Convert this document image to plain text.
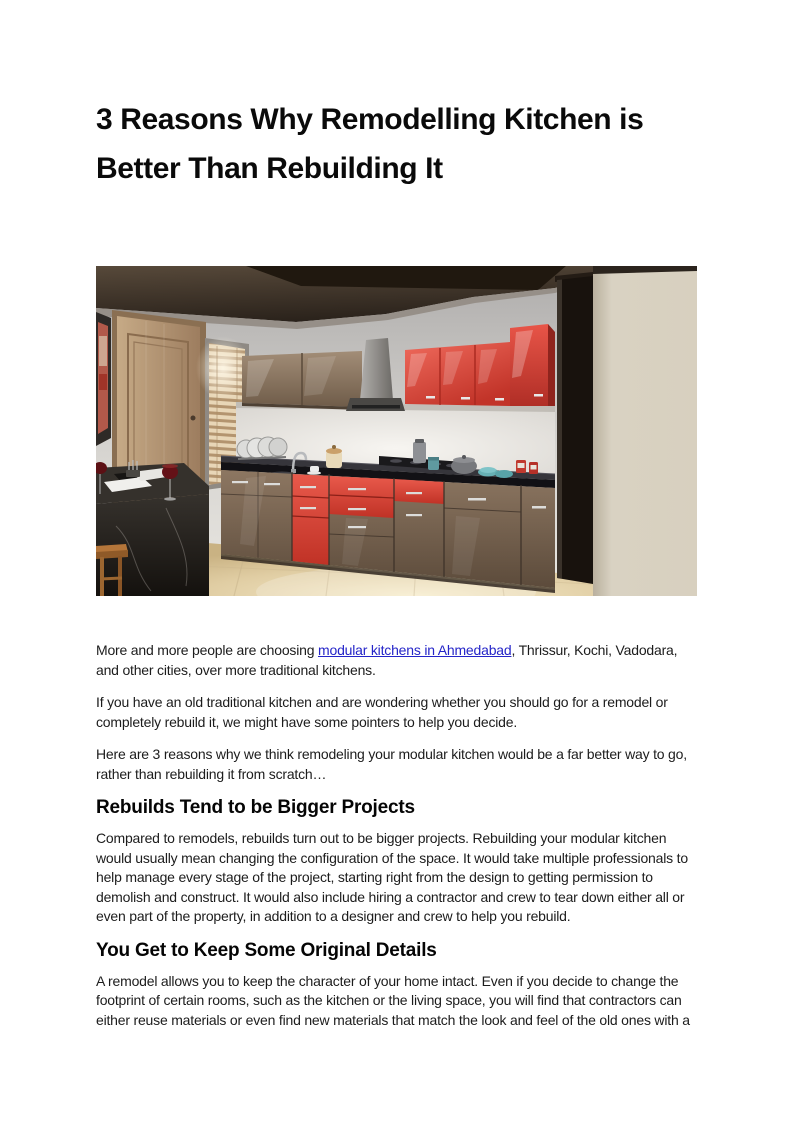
3 Reasons Why Remodelling Kitchen is Better Than Rebuilding It

More and more people are choosing modular kitchens in Ahmedabad, Thrissur, Kochi, Vadodara, and other cities, over more traditional kitchens.

If you have an old traditional kitchen and are wondering whether you should go for a remodel or completely rebuild it, we might have some pointers to help you decide.

Here are 3 reasons why we think remodeling your modular kitchen would be a far better way to go, rather than rebuilding it from scratch…

Rebuilds Tend to be Bigger Projects

Compared to remodels, rebuilds turn out to be bigger projects. Rebuilding your modular kitchen would usually mean changing the configuration of the space. It would take multiple professionals to help manage every stage of the project, starting right from the design to getting permission to demolish and construct. It would also include hiring a contractor and crew to tear down either all or even part of the property, in addition to a designer and crew to help you rebuild.

You Get to Keep Some Original Details

A remodel allows you to keep the character of your home intact. Even if you decide to change the footprint of certain rooms, such as the kitchen or the living space, you will find that contractors can either reuse materials or even find new materials that match the look and feel of the old ones with a
